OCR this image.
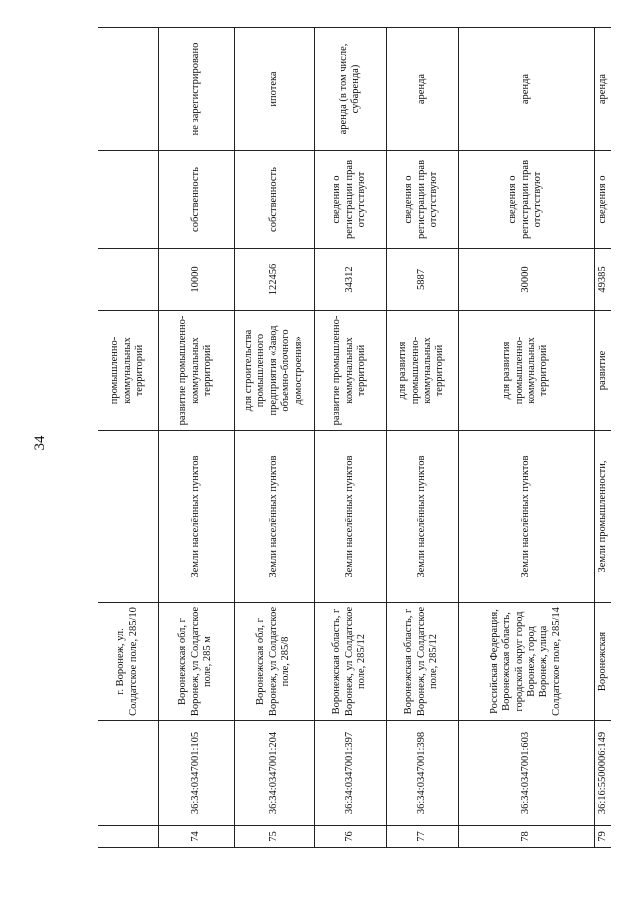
34
		г. Воронеж, ул. Солдатское поле, 285/10		промышленно-коммунальных территорий			
74	36:34:0347001:105	Воронежская обл, г Воронеж, ул Солдатское поле, 285 м	Земли населённых пунктов	развитие промышленно-коммунальных территорий	10000	собственность	не зарегистрировано
75	36:34:0347001:204	Воронежская обл, г Воронеж, ул Солдатское поле, 285/8	Земли населённых пунктов	для строительства промышленного предприятия «Завод объемно-блочного домостроения»	122456	собственность	ипотека
76	36:34:0347001:397	Воронежская область, г Воронеж, ул Солдатское поле, 285/12	Земли населённых пунктов	развитие промышленно-коммунальных территорий	34312	сведения о регистрации прав отсутствуют	аренда (в том числе, субаренда)
77	36:34:0347001:398	Воронежская область, г Воронеж, ул Солдатское поле, 285/12	Земли населённых пунктов	для развития промышленно-коммунальных территорий	5887	сведения о регистрации прав отсутствуют	аренда
78	36:34:0347001:603	Российская Федерация, Воронежская область, городской округ город Воронеж, город Воронеж, улица Солдатское поле, 285/14	Земли населённых пунктов	для развития промышленно-коммунальных территорий	30000	сведения о регистрации прав отсутствуют	аренда
79	36:16:5500006:149	Воронежская	Земли промышленности,	развитие	49385	сведения о	аренда
